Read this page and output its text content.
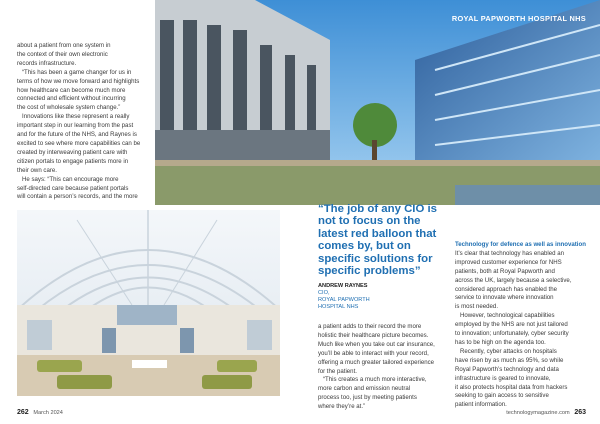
ROYAL PAPWORTH HOSPITAL NHS

about a patient from one system in

the context of their own electronic

records infrastructure.

“This has been a game changer for us in

terms of how we move forward and highlights

how healthcare can become much more

connected and efficient without incurring

the cost of wholesale system change.”

Innovations like these represent a really

important step in our learning from the past

and for the future of the NHS, and Raynes is

excited to see where more capabilities can be

created by interweaving patient care with

citizen portals to engage patients more in

their own care.

He says: “This can encourage more

self-directed care because patient portals

will contain a person’s records, and the more

“The job of any CIO is not to focus on the latest red balloon that comes by, but on specific solutions for specific problems”
ANDREW RAYNES
CIO,
ROYAL PAPWORTH
HOSPITAL NHS

a patient adds to their record the more

holistic their healthcare picture becomes.

Much like when you take out car insurance,

you’ll be able to interact with your record,

offering a much greater tailored experience

for the patient.

“This creates a much more interactive,

more carbon and emission neutral

process too, just by meeting patients

where they’re at.”

Technology for defence as well as innovation

It’s clear that technology has enabled an

improved customer experience for NHS

patients, both at Royal Papworth and

across the UK, largely because a selective,

considered approach has enabled the

service to innovate where innovation

is most needed.

However, technological capabilities

employed by the NHS are not just tailored

to innovation; unfortunately, cyber security

has to be high on the agenda too.

Recently, cyber attacks on hospitals

have risen by as much as 95%, so while

Royal Papworth’s technology and data

infrastructure is geared to innovate,

it also protects hospital data from hackers

seeking to gain access to sensitive

patient information.

262 March 2024	technologymagazine.com 263
